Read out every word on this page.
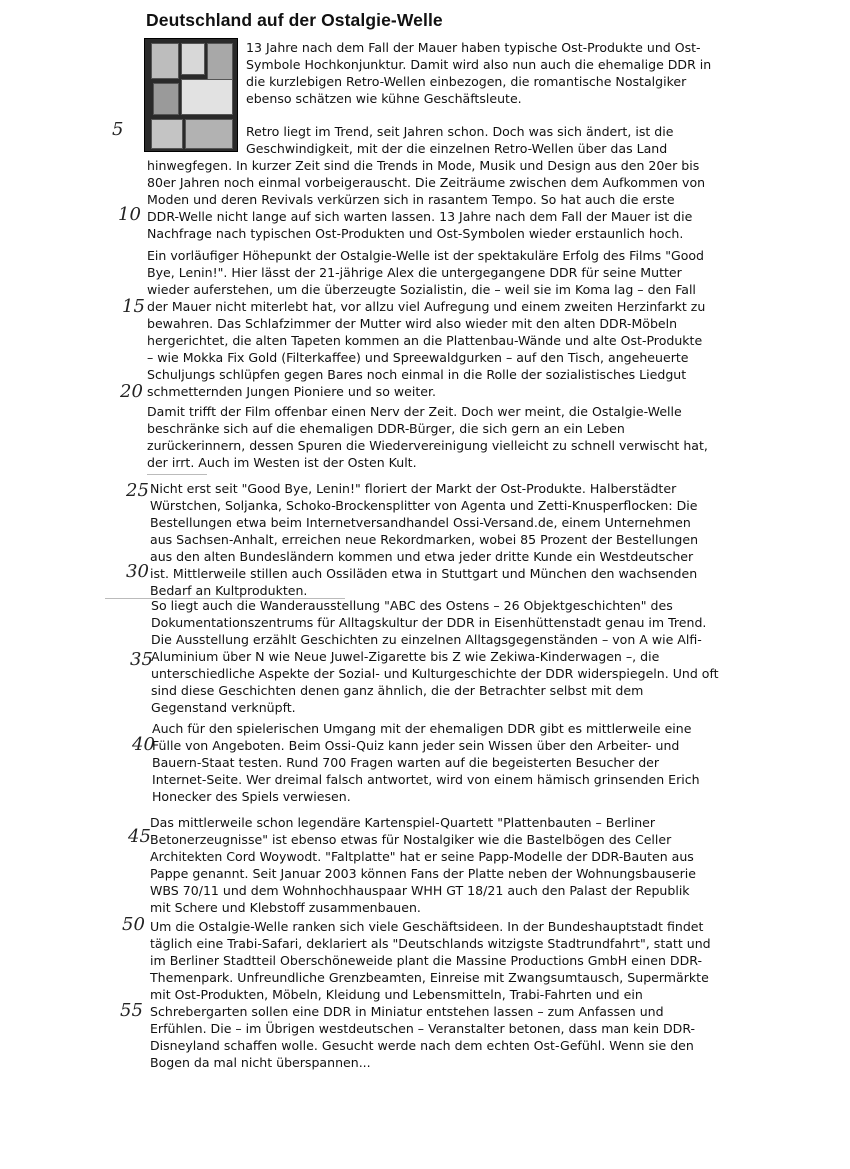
Deutschland auf der Ostalgie-Welle
5
10
15
20
25
30
35
40
45
50
55

13 Jahre nach dem Fall der Mauer haben typische Ost-Produkte und Ost-
Symbole Hochkonjunktur. Damit wird also nun auch die ehemalige DDR in
die kurzlebigen Retro-Wellen einbezogen, die romantische Nostalgiker
ebenso schätzen wie kühne Geschäftsleute.

Retro liegt im Trend, seit Jahren schon. Doch was sich ändert, ist die
Geschwindigkeit, mit der die einzelnen Retro-Wellen über das Land
hinwegfegen. In kurzer Zeit sind die Trends in Mode, Musik und Design aus den 20er bis
80er Jahren noch einmal vorbeigerauscht. Die Zeiträume zwischen dem Aufkommen von
Moden und deren Revivals verkürzen sich in rasantem Tempo. So hat auch die erste
DDR-Welle nicht lange auf sich warten lassen. 13 Jahre nach dem Fall der Mauer ist die
Nachfrage nach typischen Ost-Produkten und Ost-Symbolen wieder erstaunlich hoch.

Ein vorläufiger Höhepunkt der Ostalgie-Welle ist der spektakuläre Erfolg des Films "Good
Bye, Lenin!". Hier lässt der 21-jährige Alex die untergegangene DDR für seine Mutter
wieder auferstehen, um die überzeugte Sozialistin, die – weil sie im Koma lag – den Fall
der Mauer nicht miterlebt hat, vor allzu viel Aufregung und einem zweiten Herzinfarkt zu
bewahren. Das Schlafzimmer der Mutter wird also wieder mit den alten DDR-Möbeln
hergerichtet, die alten Tapeten kommen an die Plattenbau-Wände und alte Ost-Produkte
– wie Mokka Fix Gold (Filterkaffee) und Spreewaldgurken – auf den Tisch, angeheuerte
Schuljungs schlüpfen gegen Bares noch einmal in die Rolle der sozialistisches Liedgut
schmetternden Jungen Pioniere und so weiter.

Damit trifft der Film offenbar einen Nerv der Zeit. Doch wer meint, die Ostalgie-Welle
beschränke sich auf die ehemaligen DDR-Bürger, die sich gern an ein Leben
zurückerinnern, dessen Spuren die Wiedervereinigung vielleicht zu schnell verwischt hat,
der irrt. Auch im Westen ist der Osten Kult.

Nicht erst seit "Good Bye, Lenin!" floriert der Markt der Ost-Produkte. Halberstädter
Würstchen, Soljanka, Schoko-Brockensplitter von Agenta und Zetti-Knusperflocken: Die
Bestellungen etwa beim Internetversandhandel Ossi-Versand.de, einem Unternehmen
aus Sachsen-Anhalt, erreichen neue Rekordmarken, wobei 85 Prozent der Bestellungen
aus den alten Bundesländern kommen und etwa jeder dritte Kunde ein Westdeutscher
ist. Mittlerweile stillen auch Ossiläden etwa in Stuttgart und München den wachsenden
Bedarf an Kultprodukten.

So liegt auch die Wanderausstellung "ABC des Ostens – 26 Objektgeschichten" des
Dokumentationszentrums für Alltagskultur der DDR in Eisenhüttenstadt genau im Trend.
Die Ausstellung erzählt Geschichten zu einzelnen Alltagsgegenständen – von A wie Alfi-
Aluminium über N wie Neue Juwel-Zigarette bis Z wie Zekiwa-Kinderwagen –, die
unterschiedliche Aspekte der Sozial- und Kulturgeschichte der DDR widerspiegeln. Und oft
sind diese Geschichten denen ganz ähnlich, die der Betrachter selbst mit dem
Gegenstand verknüpft.

Auch für den spielerischen Umgang mit der ehemaligen DDR gibt es mittlerweile eine
Fülle von Angeboten. Beim Ossi-Quiz kann jeder sein Wissen über den Arbeiter- und
Bauern-Staat testen. Rund 700 Fragen warten auf die begeisterten Besucher der
Internet-Seite. Wer dreimal falsch antwortet, wird von einem hämisch grinsenden Erich
Honecker des Spiels verwiesen.

Das mittlerweile schon legendäre Kartenspiel-Quartett "Plattenbauten – Berliner
Betonerzeugnisse" ist ebenso etwas für Nostalgiker wie die Bastelbögen des Celler
Architekten Cord Woywodt. "Faltplatte" hat er seine Papp-Modelle der DDR-Bauten aus
Pappe genannt. Seit Januar 2003 können Fans der Platte neben der Wohnungsbauserie
WBS 70/11 und dem Wohnhochhauspaar WHH GT 18/21 auch den Palast der Republik
mit Schere und Klebstoff zusammenbauen.

Um die Ostalgie-Welle ranken sich viele Geschäftsideen. In der Bundeshauptstadt findet
täglich eine Trabi-Safari, deklariert als "Deutschlands witzigste Stadtrundfahrt", statt und
im Berliner Stadtteil Oberschöneweide plant die Massine Productions GmbH einen DDR-
Themenpark. Unfreundliche Grenzbeamten, Einreise mit Zwangsumtausch, Supermärkte
mit Ost-Produkten, Möbeln, Kleidung und Lebensmitteln, Trabi-Fahrten und ein
Schrebergarten sollen eine DDR in Miniatur entstehen lassen – zum Anfassen und
Erfühlen. Die – im Übrigen westdeutschen – Veranstalter betonen, dass man kein DDR-
Disneyland schaffen wolle. Gesucht werde nach dem echten Ost-Gefühl. Wenn sie den
Bogen da mal nicht überspannen...
